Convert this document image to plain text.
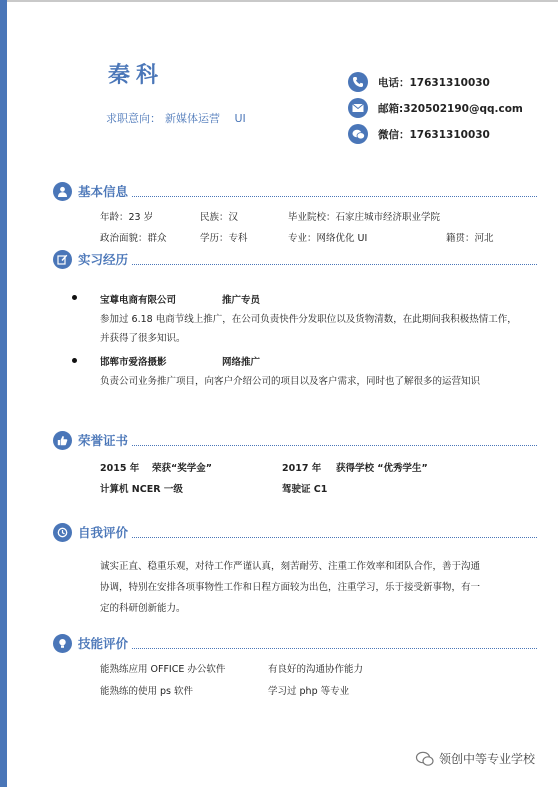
秦科
求职意向： 新媒体运营 UI
电话：17631310030
邮箱:320502190@qq.com
微信：17631310030
基本信息
年龄：23 岁	民族：汉	毕业院校：石家庄城市经济职业学院
政治面貌：群众	学历：专科	专业：网络优化 UI	籍贯：河北
实习经历
宝尊电商有限公司	推广专员
参加过 6.18 电商节线上推广，在公司负责快件分发职位以及货物清数，在此期间我积极热情工作，
并获得了很多知识。
邯郸市爱洛摄影	网络推广
负责公司业务推广项目，向客户介绍公司的项目以及客户需求，同时也了解很多的运营知识
荣誉证书
2015 年 荣获“奖学金”	2017 年 获得学校 “优秀学生”
计算机 NCER 一级	驾驶证 C1
自我评价
诚实正直、稳重乐观，对待工作严谨认真，刻苦耐劳、注重工作效率和团队合作，善于沟通
协调，特别在安排各项事物性工作和日程方面较为出色，注重学习，乐于接受新事物，有一
定的科研创新能力。
技能评价
能熟练应用 OFFICE 办公软件	有良好的沟通协作能力
能熟练的使用 ps 软件	学习过 php 等专业
领创中等专业学校
